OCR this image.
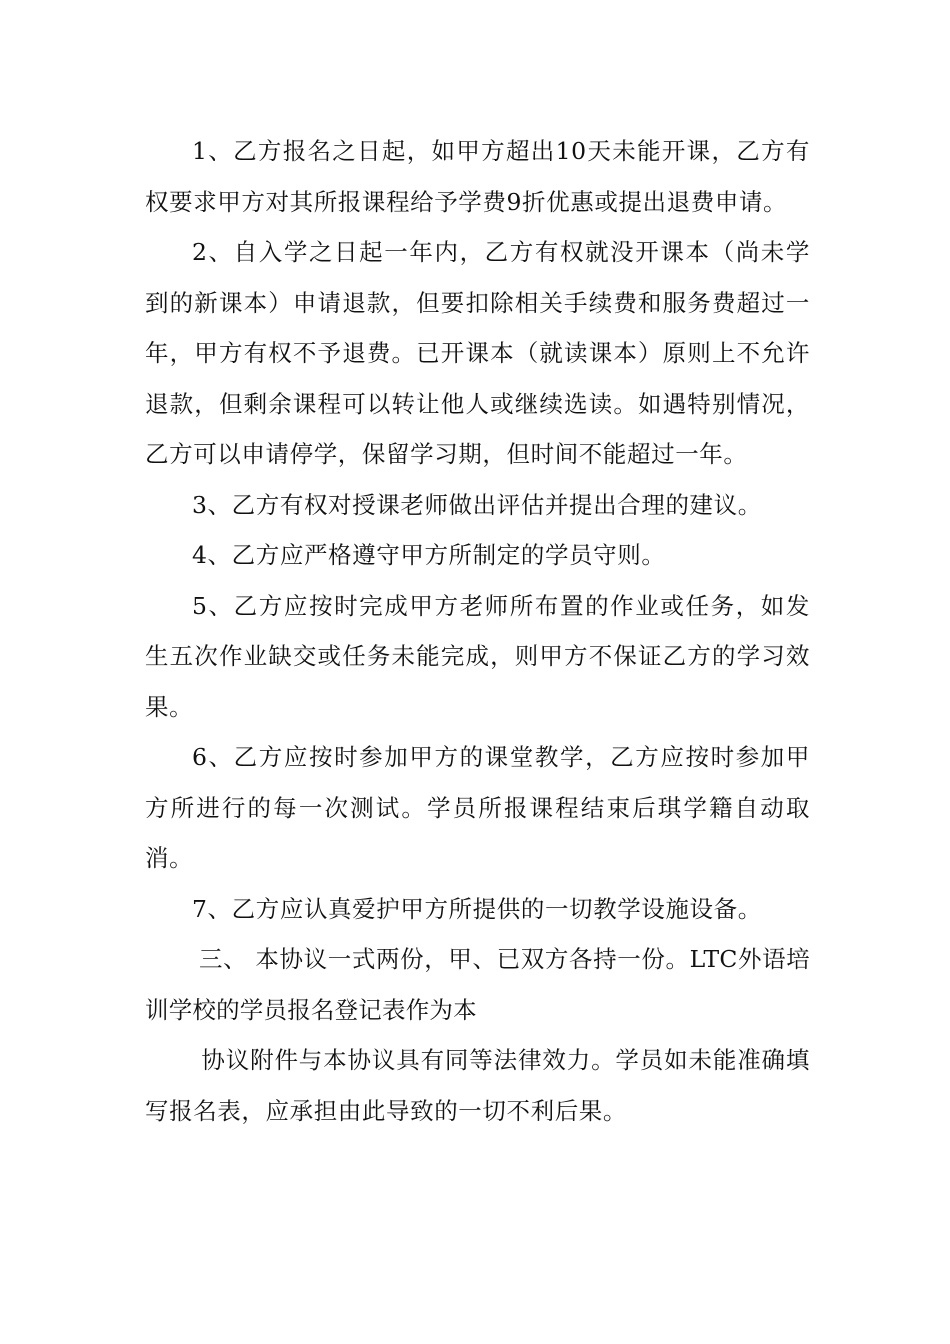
1、乙方报名之日起，如甲方超出10天未能开课，乙方有权要求甲方对其所报课程给予学费9折优惠或提出退费申请。

2、自入学之日起一年内，乙方有权就没开课本（尚未学到的新课本）申请退款，但要扣除相关手续费和服务费超过一年，甲方有权不予退费。已开课本（就读课本）原则上不允许退款，但剩余课程可以转让他人或继续选读。如遇特别情况，乙方可以申请停学，保留学习期，但时间不能超过一年。

3、乙方有权对授课老师做出评估并提出合理的建议。

4、乙方应严格遵守甲方所制定的学员守则。

5、乙方应按时完成甲方老师所布置的作业或任务，如发生五次作业缺交或任务未能完成，则甲方不保证乙方的学习效果。

6、乙方应按时参加甲方的课堂教学，乙方应按时参加甲方所进行的每一次测试。学员所报课程结束后琪学籍自动取消。

7、乙方应认真爱护甲方所提供的一切教学设施设备。

三、 本协议一式两份，甲、已双方各持一份。LTC外语培训学校的学员报名登记表作为本

协议附件与本协议具有同等法律效力。学员如未能准确填写报名表，应承担由此导致的一切不利后果。
